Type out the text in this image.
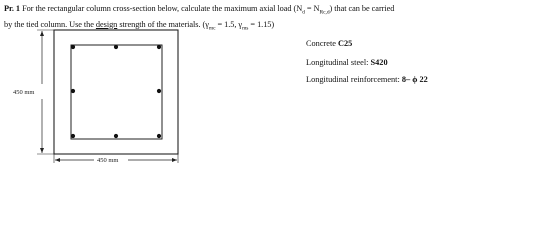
Pr. 1 For the rectangular column cross-section below, calculate the maximum axial load $(N_d = N_{Rc,d})$ that can be carried
by the tied column. Use the design strength of the materials. ($\gamma_{mc} = 1.5$, $\gamma_{ms} = 1.15$)
Concrete C25
Longitudinal steel: S420
Longitudinal reinforcement: 8– ϕ 22
450 mm
450 mm
